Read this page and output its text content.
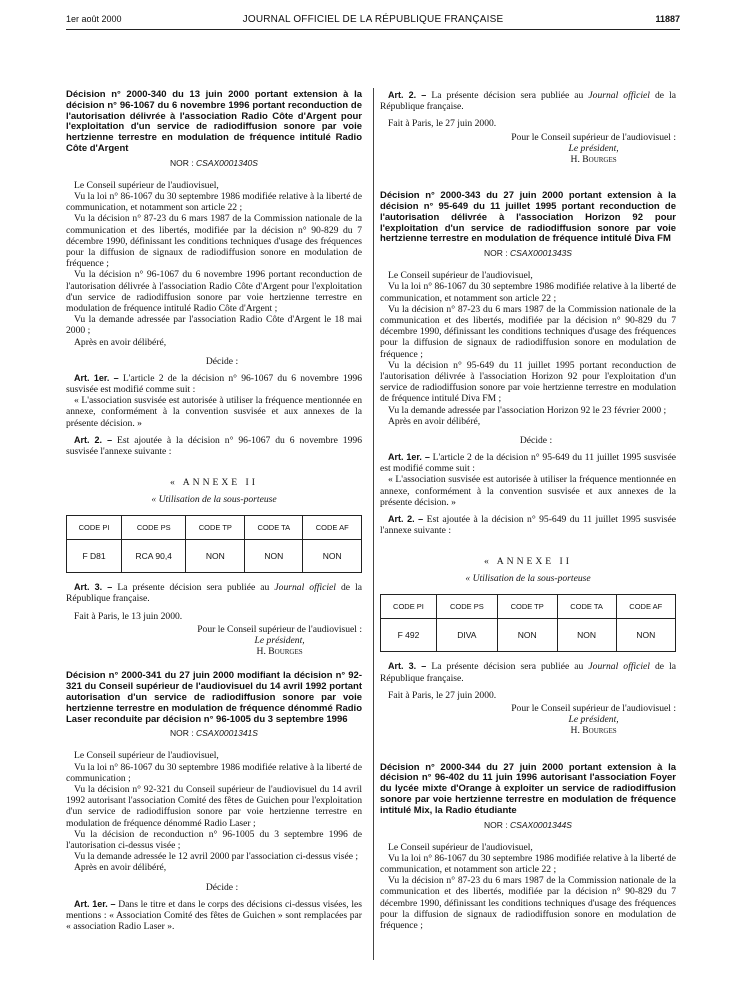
1er août 2000	JOURNAL OFFICIEL DE LA RÉPUBLIQUE FRANÇAISE	11887
Décision n° 2000-340 du 13 juin 2000 portant extension à la décision n° 96-1067 du 6 novembre 1996 portant reconduction de l'autorisation délivrée à l'association Radio Côte d'Argent pour l'exploitation d'un service de radiodiffusion sonore par voie hertzienne terrestre en modulation de fréquence intitulé Radio Côte d'Argent
NOR : CSAX0001340S

Le Conseil supérieur de l'audiovisuel,

Vu la loi n° 86-1067 du 30 septembre 1986 modifiée relative à la liberté de communication, et notamment son article 22 ;

Vu la décision n° 87-23 du 6 mars 1987 de la Commission nationale de la communication et des libertés, modifiée par la décision n° 90-829 du 7 décembre 1990, définissant les conditions techniques d'usage des fréquences pour la diffusion de signaux de radiodiffusion sonore en modulation de fréquence ;

Vu la décision n° 96-1067 du 6 novembre 1996 portant reconduction de l'autorisation délivrée à l'association Radio Côte d'Argent pour l'exploitation d'un service de radiodiffusion sonore par voie hertzienne terrestre en modulation de fréquence intitulé Radio Côte d'Argent ;

Vu la demande adressée par l'association Radio Côte d'Argent le 18 mai 2000 ;

Après en avoir délibéré,

Décide :

Art. 1er. – L'article 2 de la décision n° 96-1067 du 6 novembre 1996 susvisée est modifié comme suit :

« L'association susvisée est autorisée à utiliser la fréquence mentionnée en annexe, conformément à la convention susvisée et aux annexes de la présente décision. »

Art. 2. – Est ajoutée à la décision n° 96-1067 du 6 novembre 1996 susvisée l'annexe suivante :

« ANNEXE II
« Utilisation de la sous-porteuse
CODE PI	CODE PS	CODE TP	CODE TA	CODE AF
F D81	RCA 90,4	NON	NON	NON

Art. 3. – La présente décision sera publiée au Journal officiel de la République française.

Fait à Paris, le 13 juin 2000.

Pour le Conseil supérieur de l'audiovisuel :
Le président,
H. Bourges
Décision n° 2000-341 du 27 juin 2000 modifiant la décision n° 92-321 du Conseil supérieur de l'audiovisuel du 14 avril 1992 portant autorisation d'un service de radiodiffusion sonore par voie hertzienne terrestre en modulation de fréquence dénommé Radio Laser reconduite par décision n° 96-1005 du 3 septembre 1996
NOR : CSAX0001341S

Le Conseil supérieur de l'audiovisuel,

Vu la loi n° 86-1067 du 30 septembre 1986 modifiée relative à la liberté de communication ;

Vu la décision n° 92-321 du Conseil supérieur de l'audiovisuel du 14 avril 1992 autorisant l'association Comité des fêtes de Guichen pour l'exploitation d'un service de radiodiffusion sonore par voie hertzienne terrestre en modulation de fréquence dénommé Radio Laser ;

Vu la décision de reconduction n° 96-1005 du 3 septembre 1996 de l'autorisation ci-dessus visée ;

Vu la demande adressée le 12 avril 2000 par l'association ci-dessus visée ;

Après en avoir délibéré,

Décide :

Art. 1er. – Dans le titre et dans le corps des décisions ci-dessus visées, les mentions : « Association Comité des fêtes de Guichen » sont remplacées par « association Radio Laser ».

Art. 2. – La présente décision sera publiée au Journal officiel de la République française.

Fait à Paris, le 27 juin 2000.

Pour le Conseil supérieur de l'audiovisuel :
Le président,
H. Bourges
Décision n° 2000-343 du 27 juin 2000 portant extension à la décision n° 95-649 du 11 juillet 1995 portant reconduction de l'autorisation délivrée à l'association Horizon 92 pour l'exploitation d'un service de radiodiffusion sonore par voie hertzienne terrestre en modulation de fréquence intitulé Diva FM
NOR : CSAX0001343S

Le Conseil supérieur de l'audiovisuel,

Vu la loi n° 86-1067 du 30 septembre 1986 modifiée relative à la liberté de communication, et notamment son article 22 ;

Vu la décision n° 87-23 du 6 mars 1987 de la Commission nationale de la communication et des libertés, modifiée par la décision n° 90-829 du 7 décembre 1990, définissant les conditions techniques d'usage des fréquences pour la diffusion de signaux de radiodiffusion sonore en modulation de fréquence ;

Vu la décision n° 95-649 du 11 juillet 1995 portant reconduction de l'autorisation délivrée à l'association Horizon 92 pour l'exploitation d'un service de radiodiffusion sonore par voie hertzienne terrestre en modulation de fréquence intitulé Diva FM ;

Vu la demande adressée par l'association Horizon 92 le 23 février 2000 ;

Après en avoir délibéré,

Décide :

Art. 1er. – L'article 2 de la décision n° 95-649 du 11 juillet 1995 susvisée est modifié comme suit :

« L'association susvisée est autorisée à utiliser la fréquence mentionnée en annexe, conformément à la convention susvisée et aux annexes de la présente décision. »

Art. 2. – Est ajoutée à la décision n° 95-649 du 11 juillet 1995 susvisée l'annexe suivante :

« ANNEXE II
« Utilisation de la sous-porteuse
CODE PI	CODE PS	CODE TP	CODE TA	CODE AF
F 492	DIVA	NON	NON	NON

Art. 3. – La présente décision sera publiée au Journal officiel de la République française.

Fait à Paris, le 27 juin 2000.

Pour le Conseil supérieur de l'audiovisuel :
Le président,
H. Bourges
Décision n° 2000-344 du 27 juin 2000 portant extension à la décision n° 96-402 du 11 juin 1996 autorisant l'association Foyer du lycée mixte d'Orange à exploiter un service de radiodiffusion sonore par voie hertzienne terrestre en modulation de fréquence intitulé Mix, la Radio étudiante
NOR : CSAX0001344S

Le Conseil supérieur de l'audiovisuel,

Vu la loi n° 86-1067 du 30 septembre 1986 modifiée relative à la liberté de communication, et notamment son article 22 ;

Vu la décision n° 87-23 du 6 mars 1987 de la Commission nationale de la communication et des libertés, modifiée par la décision n° 90-829 du 7 décembre 1990, définissant les conditions techniques d'usage des fréquences pour la diffusion de signaux de radiodiffusion sonore en modulation de fréquence ;
